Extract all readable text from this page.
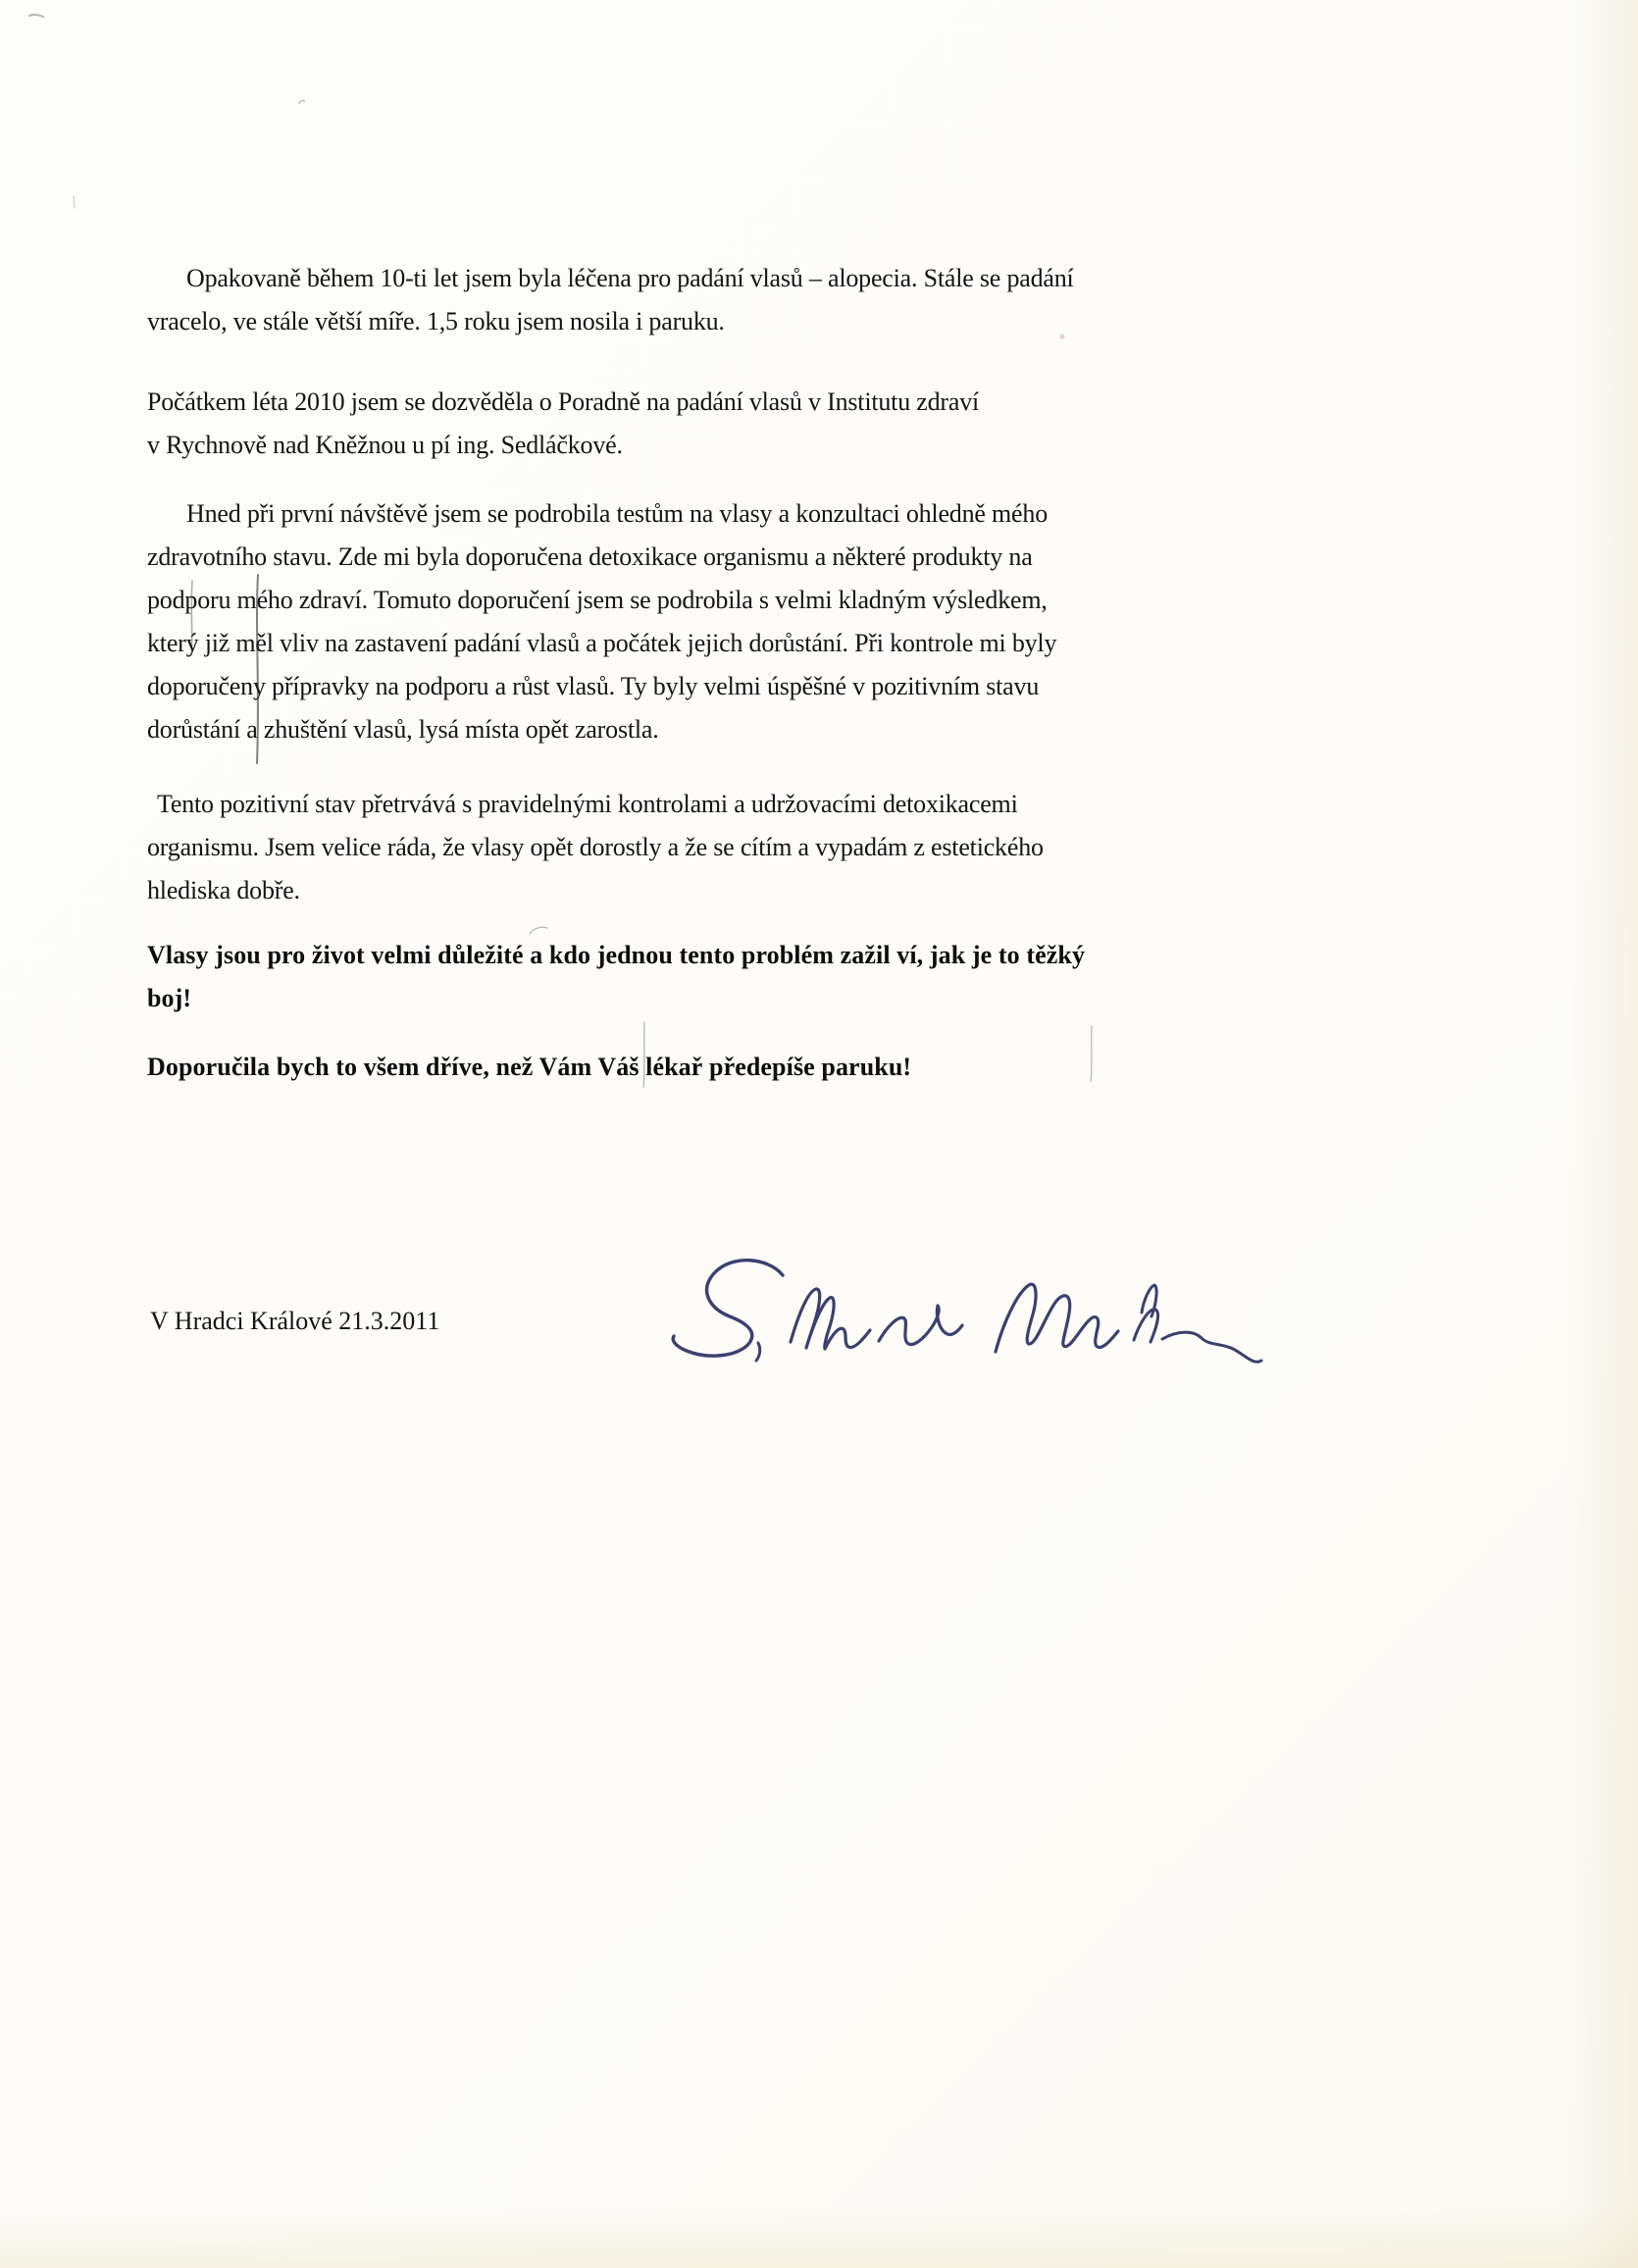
Opakovaně během 10-ti let jsem byla léčena pro padání vlasů – alopecia. Stále se padání
vracelo, ve stále větší míře. 1,5 roku jsem nosila i paruku.
Počátkem léta 2010 jsem se dozvěděla o Poradně na padání vlasů v Institutu zdraví
v Rychnově nad Kněžnou u pí ing. Sedláčkové.
Hned při první návštěvě jsem se podrobila testům na vlasy a konzultaci ohledně mého
zdravotního stavu. Zde mi byla doporučena detoxikace organismu a některé produkty na
podporu mého zdraví. Tomuto doporučení jsem se podrobila s velmi kladným výsledkem,
který již měl vliv na zastavení padání vlasů a počátek jejich dorůstání. Při kontrole mi byly
doporučeny přípravky na podporu a růst vlasů. Ty byly velmi úspěšné v pozitivním stavu
dorůstání a zhuštění vlasů, lysá místa opět zarostla.
Tento pozitivní stav přetrvává s pravidelnými kontrolami a udržovacími detoxikacemi
organismu. Jsem velice ráda, že vlasy opět dorostly a že se cítím a vypadám z estetického
hlediska dobře.
Vlasy jsou pro život velmi důležité a kdo jednou tento problém zažil ví, jak je to těžký
boj!
Doporučila bych to všem dříve, než Vám Váš lékař předepíše paruku!
V Hradci Králové 21.3.2011
